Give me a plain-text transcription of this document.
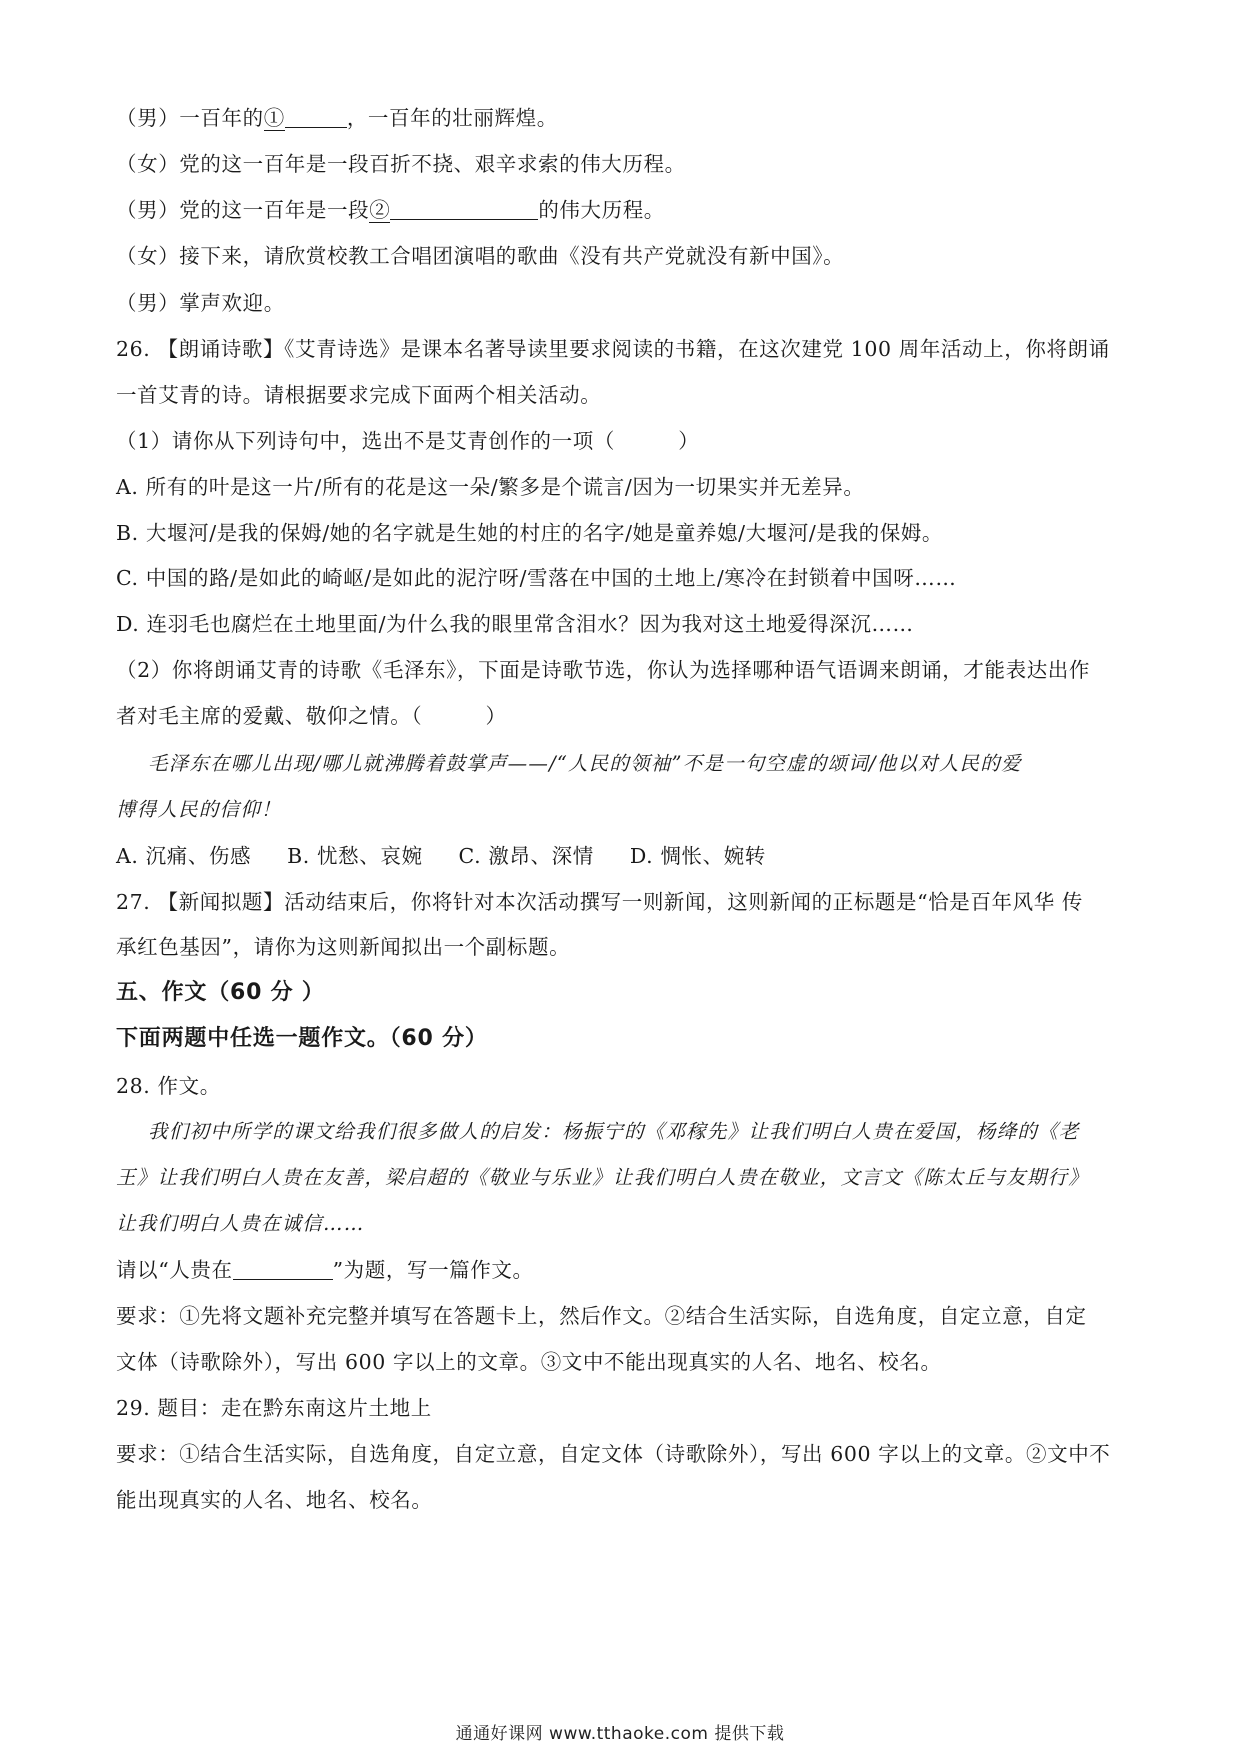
（男）一百年的①	，一百年的壮丽辉煌。
（女）党的这一百年是一段百折不挠、艰辛求索的伟大历程。
（男）党的这一百年是一段②	的伟大历程。
（女）接下来，请欣赏校教工合唱团演唱的歌曲《没有共产党就没有新中国》。
（男）掌声欢迎。
26. 【朗诵诗歌】《艾青诗选》是课本名著导读里要求阅读的书籍，在这次建党 100 周年活动上，你将朗诵
一首艾青的诗。请根据要求完成下面两个相关活动。
（1）请你从下列诗句中，选出不是艾青创作的一项（　　　）
A. 所有的叶是这一片/所有的花是这一朵/繁多是个谎言/因为一切果实并无差异。
B. 大堰河/是我的保姆/她的名字就是生她的村庄的名字/她是童养媳/大堰河/是我的保姆。
C. 中国的路/是如此的崎岖/是如此的泥泞呀/雪落在中国的土地上/寒冷在封锁着中国呀……
D. 连羽毛也腐烂在土地里面/为什么我的眼里常含泪水？因为我对这土地爱得深沉……
（2）你将朗诵艾青的诗歌《毛泽东》，下面是诗歌节选，你认为选择哪种语气语调来朗诵，才能表达出作
者对毛主席的爱戴、敬仰之情。（　　　）
毛泽东在哪儿出现/哪儿就沸腾着鼓掌声——/“人民的领袖”不是一句空虚的颂词/他以对人民的爱
博得人民的信仰！
A. 沉痛、伤感 B. 忧愁、哀婉 C. 激昂、深情 D. 惆怅、婉转
27. 【新闻拟题】活动结束后，你将针对本次活动撰写一则新闻，这则新闻的正标题是“恰是百年风华 传
承红色基因”，请你为这则新闻拟出一个副标题。
五、作文（60 分 ）
下面两题中任选一题作文。（60 分）
28. 作文。
我们初中所学的课文给我们很多做人的启发：杨振宁的《邓稼先》让我们明白人贵在爱国，杨绛的《老
王》让我们明白人贵在友善，梁启超的《敬业与乐业》让我们明白人贵在敬业，文言文《陈太丘与友期行》
让我们明白人贵在诚信……
请以“人贵在	”为题，写一篇作文。
要求：①先将文题补充完整并填写在答题卡上，然后作文。②结合生活实际，自选角度，自定立意，自定
文体（诗歌除外），写出 600 字以上的文章。③文中不能出现真实的人名、地名、校名。
29. 题目：走在黔东南这片土地上
要求：①结合生活实际，自选角度，自定立意，自定文体（诗歌除外），写出 600 字以上的文章。②文中不
能出现真实的人名、地名、校名。
通通好课网 www.tthaoke.com 提供下载
